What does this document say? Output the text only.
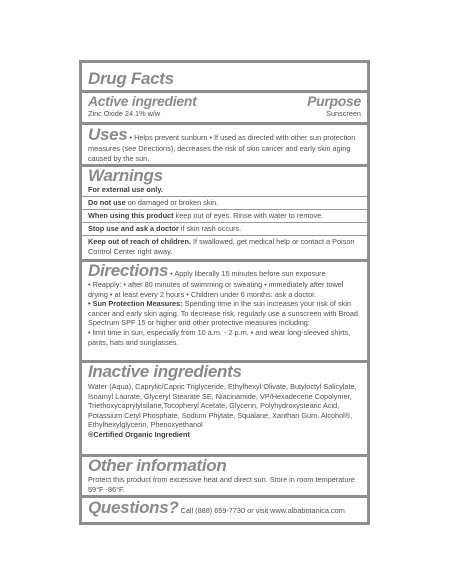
Drug Facts
Active ingredient
Zinc Oxide 24.1% w/w
Purpose
Sunscreen
Uses • Helps prevent sunburn • If used as directed with other sun protection measures (see Directions), decreases the risk of skin cancer and early skin aging caused by the sun.
Warnings
For external use only.
Do not use on damaged or broken skin.
When using this product keep out of eyes. Rinse with water to remove.
Stop use and ask a doctor if skin rash occurs.
Keep out of reach of children. If swallowed, get medical help or contact a Poison Control Center right away.
Directions • Apply liberally 15 minutes before sun exposure
• Reapply: • after 80 minutes of swimming or sweating • immediately after towel drying • at least every 2 hours • Children under 6 months: ask a doctor.
• Sun Protection Measures: Spending time in the sun increases your risk of skin cancer and early skin aging. To decrease risk, regularly use a sunscreen with Broad Spectrum SPF 15 or higher and other protective measures including:
• limit time in sun, especially from 10 a.m. - 2 p.m. • and wear long-sleeved shirts, pants, hats and sunglasses.
Inactive ingredients
Water (Aqua), Caprylic/Capric Triglyceride, Ethylhexyl Olivate, Butyloctyl Salicylate, Isoamyl Laurate, Glyceryl Stearate SE, Niacinamide, VP/Hexadecene Copolymer, Triethoxycaprylylsilane,Tocopheryl Acetate, Glycerin, Polyhydroxystearic Acid, Potassium Cetyl Phosphate, Sodium Phytate, Squalane, Xanthan Gum, Alcohol®, Ethylhexylglycerin, Phenoxyethanol
®Certified Organic Ingredient
Other information
Protect this product from excessive heat and direct sun. Store in room temperature 59°F -86°F.
Questions? Call (888) 659-7730 or visit www.albabotanica.com
